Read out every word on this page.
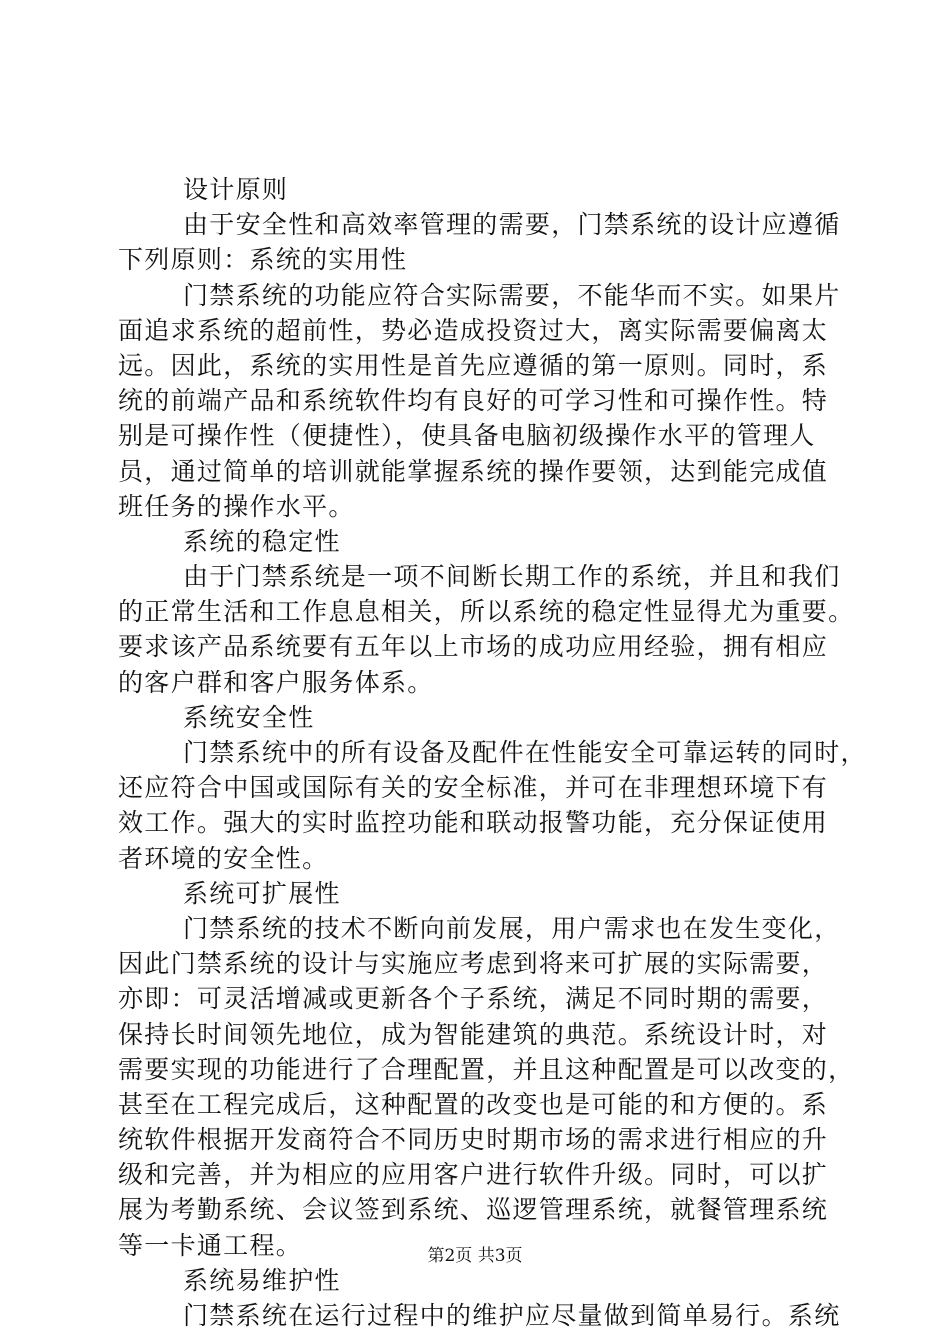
设计原则
由于安全性和高效率管理的需要，门禁系统的设计应遵循
下列原则：系统的实用性
门禁系统的功能应符合实际需要，不能华而不实。如果片
面追求系统的超前性，势必造成投资过大，离实际需要偏离太
远。因此，系统的实用性是首先应遵循的第一原则。同时，系
统的前端产品和系统软件均有良好的可学习性和可操作性。特
别是可操作性（便捷性），使具备电脑初级操作水平的管理人
员，通过简单的培训就能掌握系统的操作要领，达到能完成值
班任务的操作水平。
系统的稳定性
由于门禁系统是一项不间断长期工作的系统，并且和我们
的正常生活和工作息息相关，所以系统的稳定性显得尤为重要。
要求该产品系统要有五年以上市场的成功应用经验，拥有相应
的客户群和客户服务体系。
系统安全性
门禁系统中的所有设备及配件在性能安全可靠运转的同时，
还应符合中国或国际有关的安全标准，并可在非理想环境下有
效工作。强大的实时监控功能和联动报警功能，充分保证使用
者环境的安全性。
系统可扩展性
门禁系统的技术不断向前发展，用户需求也在发生变化，
因此门禁系统的设计与实施应考虑到将来可扩展的实际需要，
亦即：可灵活增减或更新各个子系统，满足不同时期的需要，
保持长时间领先地位，成为智能建筑的典范。系统设计时，对
需要实现的功能进行了合理配置，并且这种配置是可以改变的，
甚至在工程完成后，这种配置的改变也是可能的和方便的。系
统软件根据开发商符合不同历史时期市场的需求进行相应的升
级和完善，并为相应的应用客户进行软件升级。同时，可以扩
展为考勤系统、会议签到系统、巡逻管理系统，就餐管理系统
等一卡通工程。
系统易维护性
门禁系统在运行过程中的维护应尽量做到简单易行。系统
第2页 共3页
